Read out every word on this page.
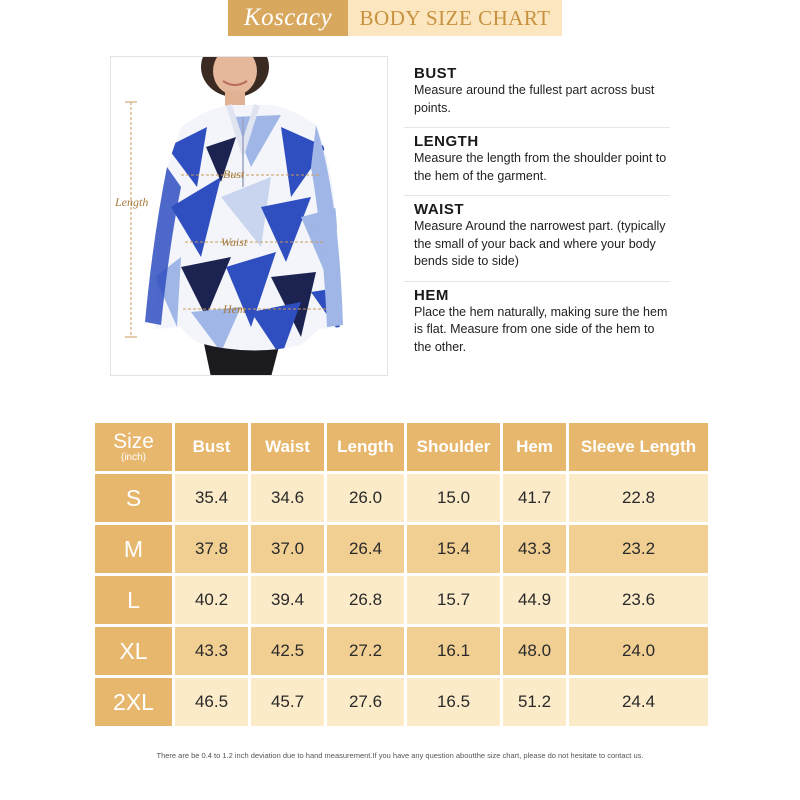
Koscacy	BODY SIZE CHART
Length
Bust
Waist
Hem
BUST

Measure around the fullest part across bust points.

LENGTH

Measure the length from the shoulder point to the hem of the garment.

WAIST

Measure Around the narrowest part. (typically the small of your back and where your body bends side to side)

HEM

Place the hem naturally, making sure the hem is flat. Measure from one side of the hem to the other.

Size
(inch)	Bust	Waist	Length	Shoulder	Hem	Sleeve Length
S	35.4	34.6	26.0	15.0	41.7	22.8
M	37.8	37.0	26.4	15.4	43.3	23.2
L	40.2	39.4	26.8	15.7	44.9	23.6
XL	43.3	42.5	27.2	16.1	48.0	24.0
2XL	46.5	45.7	27.6	16.5	51.2	24.4
There are be 0.4 to 1.2 inch deviation due to hand measurement.If you have any question aboutthe size chart, please do not hesitate to contact us.
